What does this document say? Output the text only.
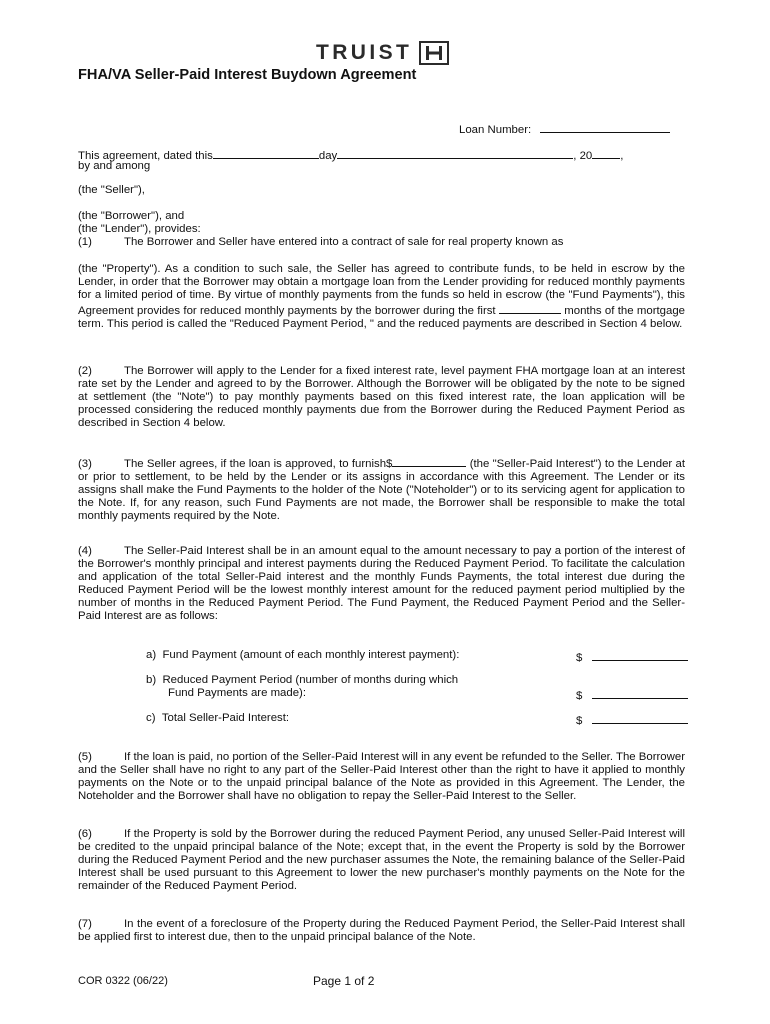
TRUIST
FHA/VA Seller-Paid Interest Buydown Agreement
Loan Number:
This agreement, dated this	day	, 20 ,
by and among
(the "Seller"),
(the "Borrower"), and
(the "Lender"), provides:
(1)	The Borrower and Seller have entered into a contract of sale for real property known as

(the "Property"). As a condition to such sale, the Seller has agreed to contribute funds, to be held in escrow by the Lender, in order that the Borrower may obtain a mortgage loan from the Lender providing for reduced monthly payments for a limited period of time. By virtue of monthly payments from the funds so held in escrow (the "Fund Payments"), this Agreement provides for reduced monthly payments by the borrower during the first	months of the mortgage term. This period is called the "Reduced Payment Period, " and the reduced payments are described in Section 4 below.

(2)	The Borrower will apply to the Lender for a fixed interest rate, level payment FHA mortgage loan at an interest rate set by the Lender and agreed to by the Borrower. Although the Borrower will be obligated by the note to be signed at settlement (the "Note") to pay monthly payments based on this fixed interest rate, the loan application will be processed considering the reduced monthly payments due from the Borrower during the Reduced Payment Period as described in Section 4 below.

(3)	The Seller agrees, if the loan is approved, to furnish$	(the "Seller-Paid Interest") to the Lender at or prior to settlement, to be held by the Lender or its assigns in accordance with this Agreement. The Lender or its assigns shall make the Fund Payments to the holder of the Note ("Noteholder") or to its servicing agent for application to the Note. If, for any reason, such Fund Payments are not made, the Borrower shall be responsible to make the total monthly payments required by the Note.

(4)	The Seller-Paid Interest shall be in an amount equal to the amount necessary to pay a portion of the interest of the Borrower's monthly principal and interest payments during the Reduced Payment Period. To facilitate the calculation and application of the total Seller-Paid interest and the monthly Funds Payments, the total interest due during the Reduced Payment Period will be the lowest monthly interest amount for the reduced payment period multiplied by the number of months in the Reduced Payment Period. The Fund Payment, the Reduced Payment Period and the Seller-Paid Interest are as follows:

a)  Fund Payment (amount of each monthly interest payment):	$
b)  Reduced Payment Period (number of months during which
Fund Payments are made):	$
c)  Total Seller-Paid Interest:	$

(5)	If the loan is paid, no portion of the Seller-Paid Interest will in any event be refunded to the Seller. The Borrower and the Seller shall have no right to any part of the Seller-Paid Interest other than the right to have it applied to monthly payments on the Note or to the unpaid principal balance of the Note as provided in this Agreement. The Lender, the Noteholder and the Borrower shall have no obligation to repay the Seller-Paid Interest to the Seller.

(6)	If the Property is sold by the Borrower during the reduced Payment Period, any unused Seller-Paid Interest will be credited to the unpaid principal balance of the Note; except that, in the event the Property is sold by the Borrower during the Reduced Payment Period and the new purchaser assumes the Note, the remaining balance of the Seller-Paid Interest shall be used pursuant to this Agreement to lower the new purchaser's monthly payments on the Note for the remainder of the Reduced Payment Period.

(7)	In the event of a foreclosure of the Property during the Reduced Payment Period, the Seller-Paid Interest shall be applied first to interest due, then to the unpaid principal balance of the Note.

COR 0322 (06/22)	Page 1 of 2
